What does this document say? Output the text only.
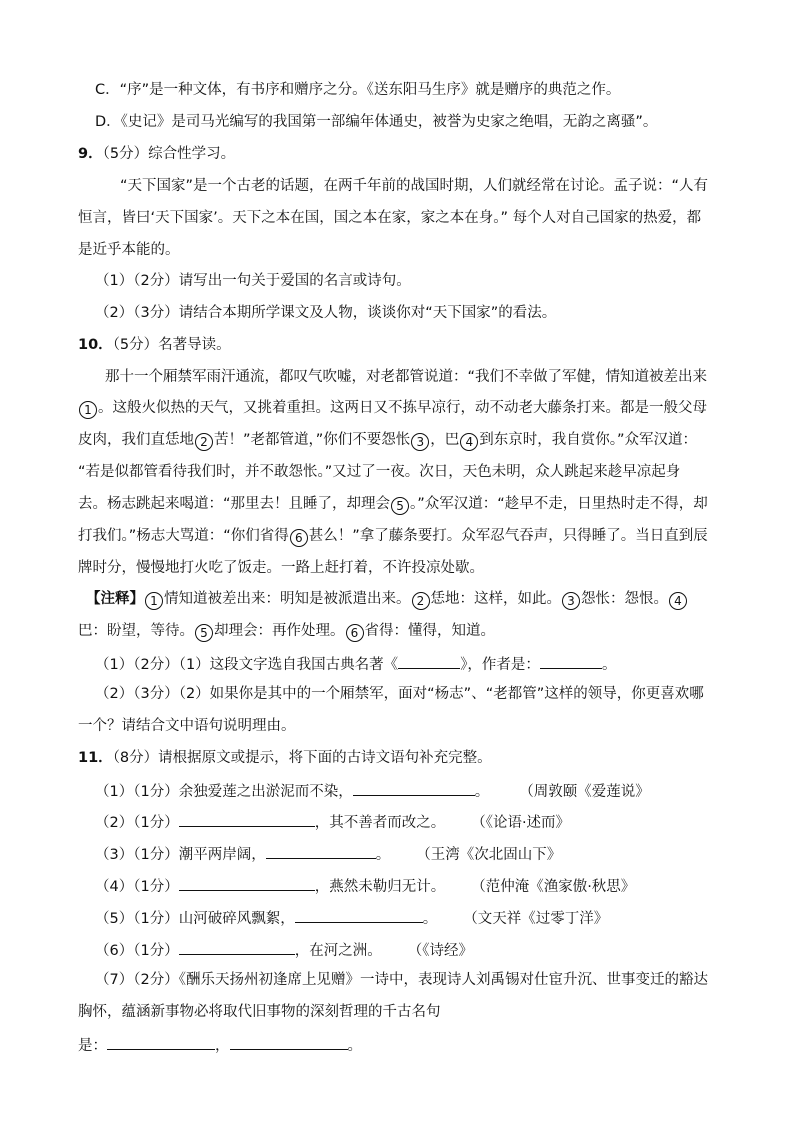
C．“序”是一种文体，有书序和赠序之分。《送东阳马生序》就是赠序的典范之作。
D．《史记》是司马光编写的我国第一部编年体通史，被誉为史家之绝唱，无韵之离骚”。
9．（5分）综合性学习。
“天下国家”是一个古老的话题，在两千年前的战国时期，人们就经常在讨论。孟子说：“人有
恒言，皆曰‘天下国家’。天下之本在国，国之本在家，家之本在身。” 每个人对自己国家的热爱，都
是近乎本能的。
（1）（2分）请写出一句关于爱国的名言或诗句。
（2）（3分）请结合本期所学课文及人物，谈谈你对“天下国家”的看法。
10．（5分）名著导读。
那十一个厢禁军雨汗通流，都叹气吹嘘，对老都管说道：“我们不幸做了军健，情知道被差出来
1 。这般火似热的天气，又挑着重担。这两日又不拣早凉行，动不动老大藤条打来。都是一般父母
皮肉，我们直恁地 2 苦！”老都管道，”你们不要怨怅 3 ，巴 4 到东京时，我自赏你。”众军汉道：
“若是似都管看待我们时，并不敢怨怅。”又过了一夜。次日，天色未明，众人跳起来趁早凉起身
去。杨志跳起来喝道：“那里去！且睡了，却理会 5 。”众军汉道：“趁早不走，日里热时走不得，却
打我们。”杨志大骂道：“你们省得 6 甚么！”拿了藤条要打。众军忍气吞声，只得睡了。当日直到辰
牌时分，慢慢地打火吃了饭走。一路上赶打着，不许投凉处歇。
【注释】 1 情知道被差出来：明知是被派遣出来。 2 恁地：这样，如此。 3 怨怅：怨恨。 4
巴：盼望，等待。 5 却理会：再作处理。 6 省得：懂得，知道。
（1）（2分）（1）这段文字选自我国古典名著《	》，作者是：	。
（2）（3分）（2）如果你是其中的一个厢禁军，面对“杨志”、“老都管”这样的领导，你更喜欢哪
一个？请结合文中语句说明理由。
11．（8分）请根据原文或提示，将下面的古诗文语句补充完整。
（1）（1分）余独爱莲之出淤泥而不染，	。 （周敦颐《爱莲说》
（2）（1分）	，其不善者而改之。 （《论语·述而》
（3）（1分）潮平两岸阔，	。 （王湾《次北固山下》
（4）（1分）	，燕然未勒归无计。 （范仲淹《渔家傲·秋思》
（5）（1分）山河破碎风飘絮，	。 （文天祥《过零丁洋》
（6）（1分）	，在河之洲。 （《诗经》
（7）（2分）《酬乐天扬州初逢席上见赠》一诗中，表现诗人刘禹锡对仕宦升沉、世事变迁的豁达
胸怀，蕴涵新事物必将取代旧事物的深刻哲理的千古名句
是：	，	。
